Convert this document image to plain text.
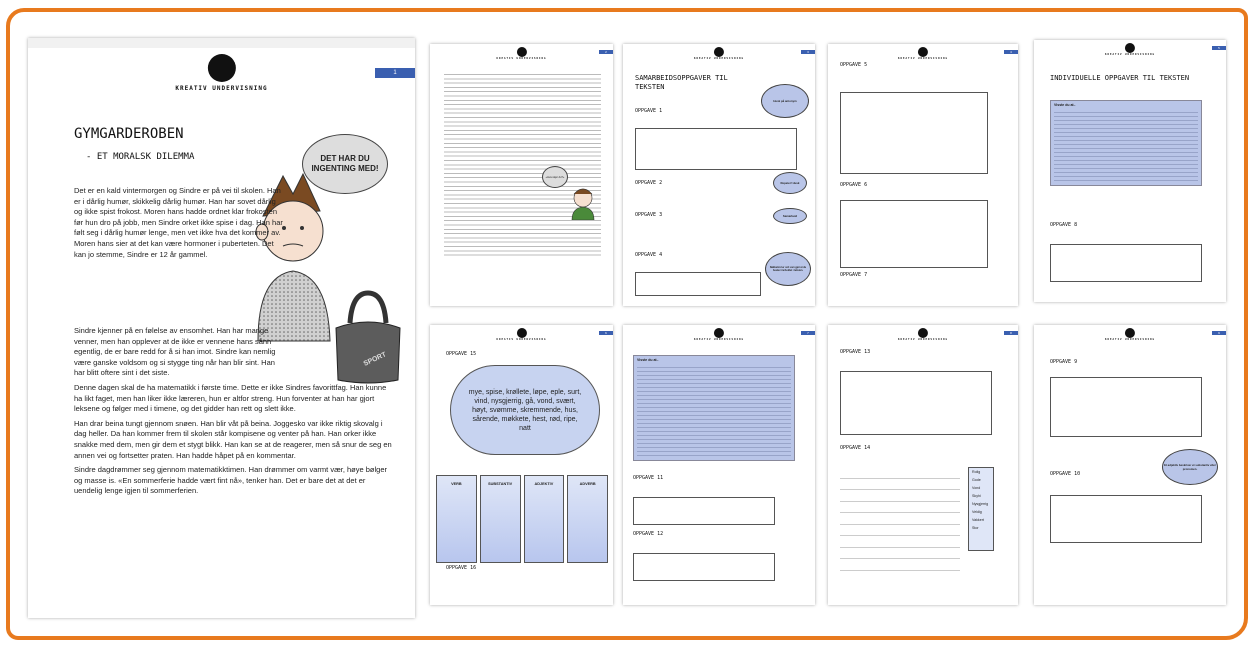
KREATIV UNDERVISNING
1
GYMGARDEROBEN
- ET MORALSK DILEMMA	DET HAR DU INGENTING MED!
SPORT

Det er en kald vintermorgen og Sindre er på vei til skolen. Han er i dårlig humør, skikkelig dårlig humør. Han har sovet dårlig og ikke spist frokost. Moren hans hadde ordnet klar frokosten før hun dro på jobb, men Sindre orket ikke spise i dag. Han har følt seg i dårlig humør lenge, men vet ikke hva det kommer av. Moren hans sier at det kan være hormoner i puberteten. Det kan jo stemme, Sindre er 12 år gammel.

Sindre kjenner på en følelse av ensomhet. Han har mange venner, men han opplever at de ikke er vennene hans sånn egentlig, de er bare redd for å si han imot. Sindre kan nemlig være ganske voldsom og si stygge ting når han blir sint. Han har blitt oftere sint i det siste.

Denne dagen skal de ha matematikk i første time. Dette er ikke Sindres favorittfag. Han kunne ha likt faget, men han liker ikke læreren, hun er altfor streng. Hun forventer at han har gjort leksene og følger med i timene, og det gidder han rett og slett ikke.

Han drar beina tungt gjennom snøen. Han blir våt på beina. Joggesko var ikke riktig skovalg i dag heller. Da han kommer frem til skolen står kompisene og venter på han. Han orker ikke snakke med dem, men gir dem et stygt blikk. Han kan se at de reagerer, men så snur de seg en annen vei og fortsetter praten. Han hadde håpet på en kommentar.

Sindre dagdrømmer seg gjennom matematikktimen. Han drømmer om varmt vær, høye bølger og masse is. «En sommerferie hadde vært fint nå», tenker han. Det er bare det at det er uendelig lenge igjen til sommerferien.

KREATIV UNDERVISNING
2
«Hva skjer du?»
KREATIV UNDERVISNING
3
SAMARBEIDSOPPGAVER TIL TEKSTEN
Husk på antonym
OPPGAVE 1
OPPGAVE 2	Repeter! Husk
OPPGAVE 3	Samarbeid
OPPGAVE 4
Nøkkelord er ord som gjør at du husker innholdet i teksten.
KREATIV UNDERVISNING
4
OPPGAVE 5
OPPGAVE 6
OPPGAVE 7
KREATIV UNDERVISNING
5
INDIVIDUELLE OPPGAVER TIL TEKSTEN
Visste du at..
OPPGAVE 8
KREATIV UNDERVISNING
6
OPPGAVE 15
mye, spise, krøllete, løpe, eple, surt, vind, nysgjerrig, gå, vond, svært, høyt, svømme, skremmende, hus, sårende, møkkete, hest, rød, ripe, natt
VERB	SUBSTANTIV	ADJEKTIV	ADVERB
OPPGAVE 16
KREATIV UNDERVISNING
7
Visste du at..
OPPGAVE 11
OPPGAVE 12
KREATIV UNDERVISNING
8
OPPGAVE 13
OPPGAVE 14
Rolig
Gode
Vond
Skyhi
Nysgjerrig
Veldig
Vakkert
Stor
KREATIV UNDERVISNING
9
OPPGAVE 9
Et adjektiv beskriver et substantiv eller pronomen.
OPPGAVE 10
